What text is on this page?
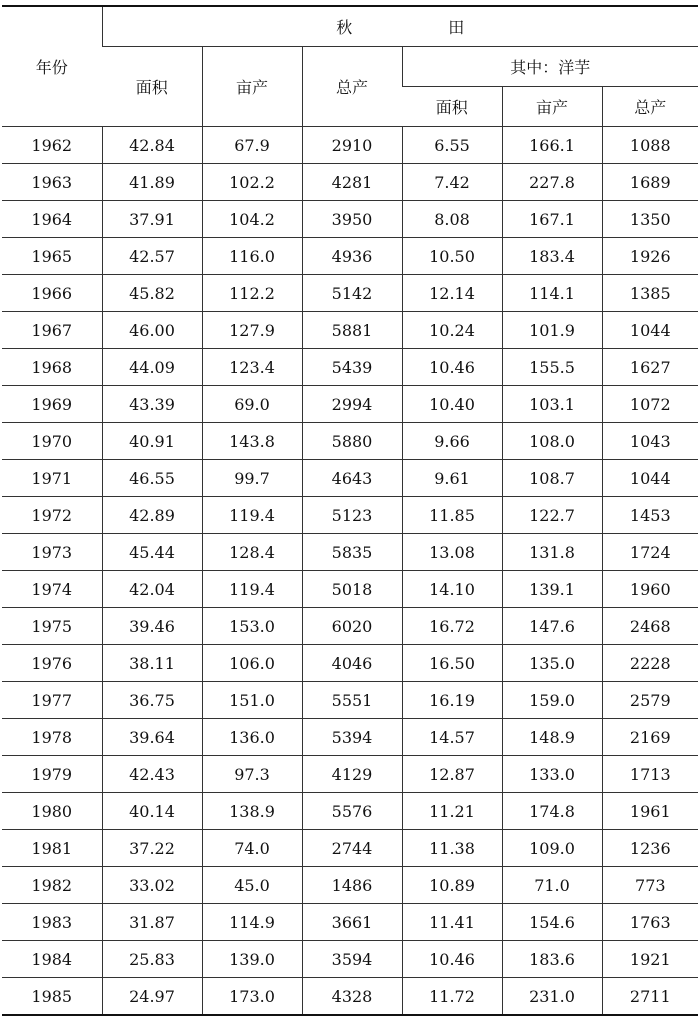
年份	秋　　　　　　田					
	面积	亩产	总产	其中：洋芋		
				面积	亩产	总产
1962	42.84	67.9	2910	6.55	166.1	1088
1963	41.89	102.2	4281	7.42	227.8	1689
1964	37.91	104.2	3950	8.08	167.1	1350
1965	42.57	116.0	4936	10.50	183.4	1926
1966	45.82	112.2	5142	12.14	114.1	1385
1967	46.00	127.9	5881	10.24	101.9	1044
1968	44.09	123.4	5439	10.46	155.5	1627
1969	43.39	69.0	2994	10.40	103.1	1072
1970	40.91	143.8	5880	9.66	108.0	1043
1971	46.55	99.7	4643	9.61	108.7	1044
1972	42.89	119.4	5123	11.85	122.7	1453
1973	45.44	128.4	5835	13.08	131.8	1724
1974	42.04	119.4	5018	14.10	139.1	1960
1975	39.46	153.0	6020	16.72	147.6	2468
1976	38.11	106.0	4046	16.50	135.0	2228
1977	36.75	151.0	5551	16.19	159.0	2579
1978	39.64	136.0	5394	14.57	148.9	2169
1979	42.43	97.3	4129	12.87	133.0	1713
1980	40.14	138.9	5576	11.21	174.8	1961
1981	37.22	74.0	2744	11.38	109.0	1236
1982	33.02	45.0	1486	10.89	71.0	773
1983	31.87	114.9	3661	11.41	154.6	1763
1984	25.83	139.0	3594	10.46	183.6	1921
1985	24.97	173.0	4328	11.72	231.0	2711
